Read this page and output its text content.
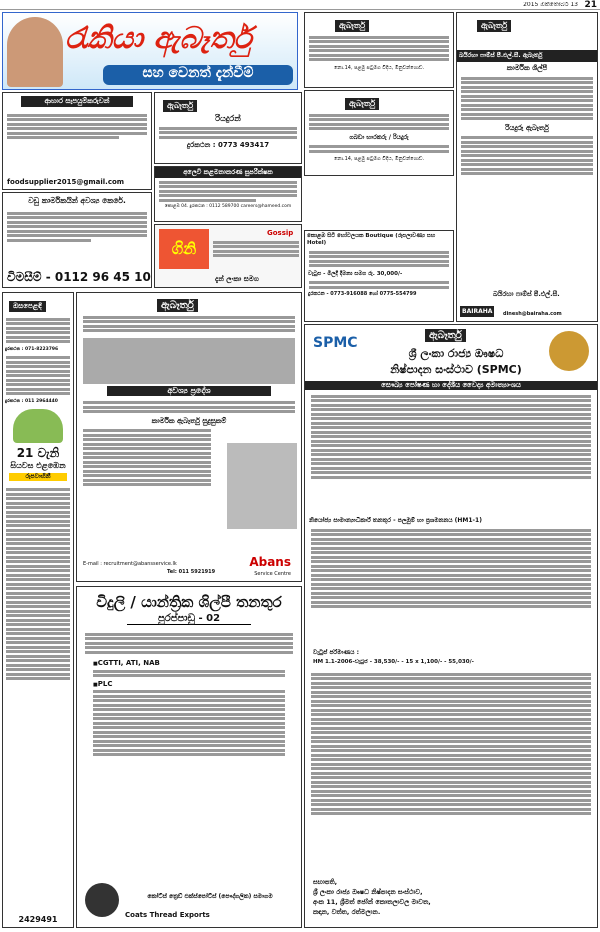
2015 ඔක්තෝබර් 13 21
රැකියා ඇබෑර්තු
සහ වෙනත් දැන්වීම්
ආහාර සැපයුම්කරුවන්
foodsupplier2015@gmail.com
වඩු කාර්මිකයින් අවශ්‍ය කෙරේ.
විමසීම් - 0112 96 45 10
ඇබෑර්තු
රියදුරන්
දුරකථන : 0773 493417
අලෙවි කළමනාකරණ සුපරීක්ෂක
කොළඹ 04. දුරකථන : 0112 589700 careers@hameed.com
ගිනි
Gossip
දැන් ලංකා සමග
ඇබෑර්තු
නො.14, පළමු පටුමග විදිය, මිනුවන්ගොඩ.
ඇබෑර්තු
ගබඩා භාරකරු / රියදුරු
නො.14, පළමු පටුමග විදිය, මිනුවන්ගොඩ.
කොළඹ සිටි හෝටලයක Boutique (රූපලාවණ්‍ය සහ Hotel)
වැටුප - මිලදී දීමනා සමග රු. 30,000/-
දුරකථන - 0773-916088 හෝ 0775-554799
ඇබෑර්තු
බයිරහා ෆාම්ස් පී.එල්.සී. ඇබෑර්තු
කාර්මික ශිල්පී
රියදුරු ඇබෑර්තු
BAIRAHA
බයිරහා ෆාම්ස් පී.එල්.සී.
dinesh@bairaha.com
ඔසපෙළඳි
දුරකථන : 071-8223796
දුරකථන : 011 2964440
21 වැනි
සියවස එළඹෙන
රූපවාහිනී
2429491
ඇබෑර්තු
අවශ්‍ය ප්‍රදේශ
කාර්මික ඇබෑර්තු සුදුසුකම්
E-mail : recruitment@abansservice.lk
Tel: 011 5921919
Abans
Service Centre
විදුලි / යාන්ත්‍රික ශිල්පී තනතුර
පුරප්පාඩු - 02
■ CGTTI, ATI, NAB
■ PLC
කෝට්ස් ත්‍රෙඩ් එක්ස්පෝට්ස් (පෞද්ගලික) සමාගම
Coats Thread Exports
SPMC	ඇබෑර්තු
ශ්‍රී ලංකා රාජ්‍ය ඖෂධ
නිෂ්පාදන සංස්ථාව (SPMC)
සෞඛ්‍ය පෝෂණ හා දේශීය වෛද්‍ය අමාත්‍යාංශය
නියෝජ්‍ය සාමාන්‍යාධිකාරී තනතුර - පලමුම් හා ප්‍රශමනනය (HM1-1)
වැටුප් පරිමාණය :
HM 1.1-2006-වැටුප් - 38,530/- - 15 x 1,100/- - 55,030/-
සභාපති,
ශ්‍රී ලංකා රාජ්‍ය ඖෂධ නිෂ්පාදන සංස්ථාව,
අංක 11, ශ්‍රීමත් ජෝන් කොතලාවල මාවත,
කඳාන, වත්ත, රත්මලාන.
